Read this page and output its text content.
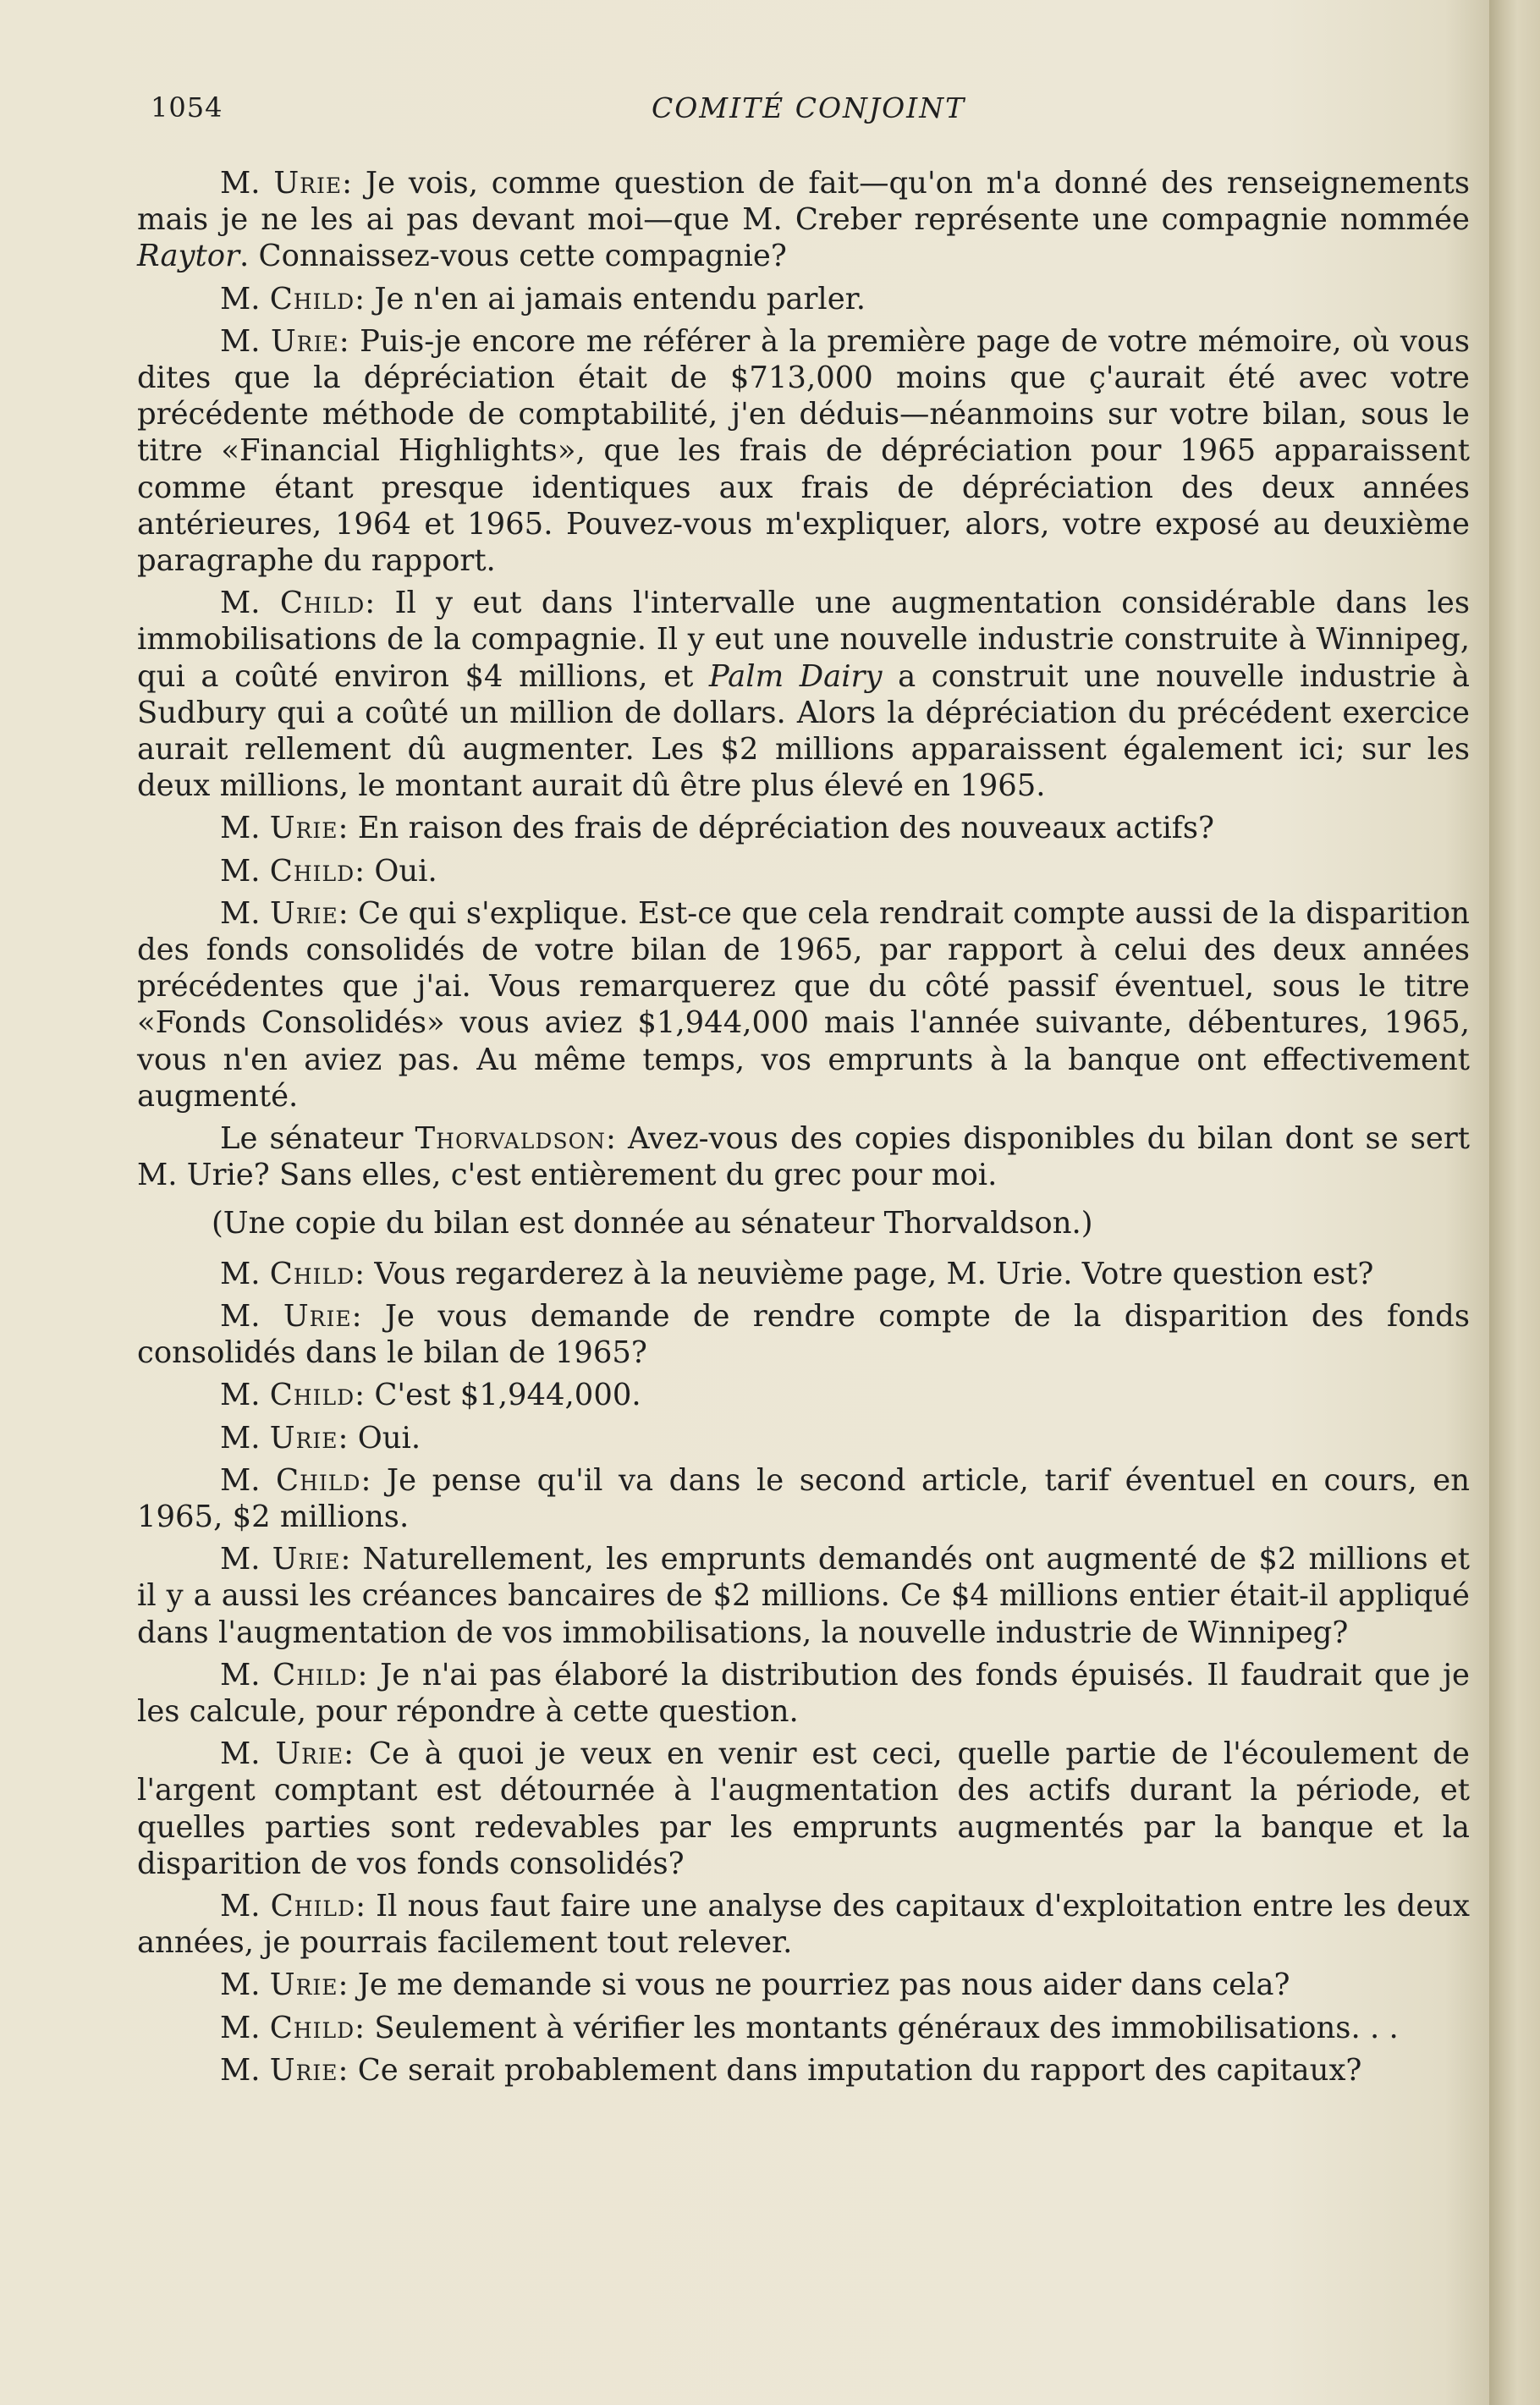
1054	COMITÉ CONJOINT

M. Urie: Je vois, comme question de fait—qu'on m'a donné des renseignements mais je ne les ai pas devant moi—que M. Creber représente une compagnie nommée Raytor. Connaissez-vous cette compagnie?

M. Child: Je n'en ai jamais entendu parler.

M. Urie: Puis-je encore me référer à la première page de votre mémoire, où vous dites que la dépréciation était de $713,000 moins que ç'aurait été avec votre précédente méthode de comptabilité, j'en déduis—néanmoins sur votre bilan, sous le titre «Financial Highlights», que les frais de dépréciation pour 1965 apparaissent comme étant presque identiques aux frais de dépréciation des deux années antérieures, 1964 et 1965. Pouvez-vous m'expliquer, alors, votre exposé au deuxième paragraphe du rapport.

M. Child: Il y eut dans l'intervalle une augmentation considérable dans les immobilisations de la compagnie. Il y eut une nouvelle industrie construite à Winnipeg, qui a coûté environ $4 millions, et Palm Dairy a construit une nouvelle industrie à Sudbury qui a coûté un million de dollars. Alors la dépréciation du précédent exercice aurait rellement dû augmenter. Les $2 millions apparaissent également ici; sur les deux millions, le montant aurait dû être plus élevé en 1965.

M. Urie: En raison des frais de dépréciation des nouveaux actifs?

M. Child: Oui.

M. Urie: Ce qui s'explique. Est-ce que cela rendrait compte aussi de la disparition des fonds consolidés de votre bilan de 1965, par rapport à celui des deux années précédentes que j'ai. Vous remarquerez que du côté passif éventuel, sous le titre «Fonds Consolidés» vous aviez $1,944,000 mais l'année suivante, débentures, 1965, vous n'en aviez pas. Au même temps, vos emprunts à la banque ont effectivement augmenté.

Le sénateur Thorvaldson: Avez-vous des copies disponibles du bilan dont se sert M. Urie? Sans elles, c'est entièrement du grec pour moi.

(Une copie du bilan est donnée au sénateur Thorvaldson.)

M. Child: Vous regarderez à la neuvième page, M. Urie. Votre question est?

M. Urie: Je vous demande de rendre compte de la disparition des fonds consolidés dans le bilan de 1965?

M. Child: C'est $1,944,000.

M. Urie: Oui.

M. Child: Je pense qu'il va dans le second article, tarif éventuel en cours, en 1965, $2 millions.

M. Urie: Naturellement, les emprunts demandés ont augmenté de $2 millions et il y a aussi les créances bancaires de $2 millions. Ce $4 millions entier était-il appliqué dans l'augmentation de vos immobilisations, la nouvelle industrie de Winnipeg?

M. Child: Je n'ai pas élaboré la distribution des fonds épuisés. Il faudrait que je les calcule, pour répondre à cette question.

M. Urie: Ce à quoi je veux en venir est ceci, quelle partie de l'écoulement de l'argent comptant est détournée à l'augmentation des actifs durant la période, et quelles parties sont redevables par les emprunts augmentés par la banque et la disparition de vos fonds consolidés?

M. Child: Il nous faut faire une analyse des capitaux d'exploitation entre les deux années, je pourrais facilement tout relever.

M. Urie: Je me demande si vous ne pourriez pas nous aider dans cela?

M. Child: Seulement à vérifier les montants généraux des immobilisations. . .

M. Urie: Ce serait probablement dans imputation du rapport des capitaux?
